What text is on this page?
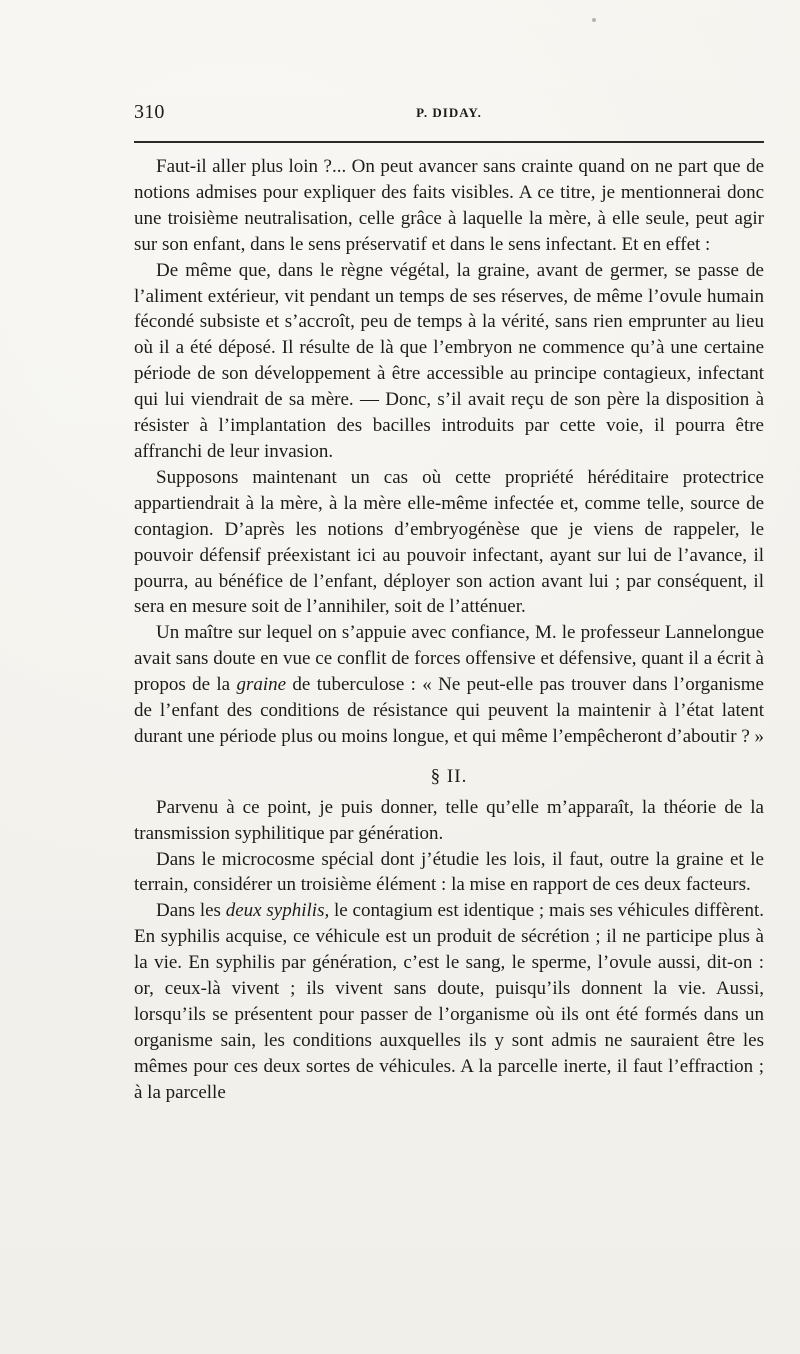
310	P. DIDAY.

Faut-il aller plus loin ?... On peut avancer sans crainte quand on ne part que de notions admises pour expliquer des faits visibles. A ce titre, je mentionnerai donc une troisième neutralisation, celle grâce à laquelle la mère, à elle seule, peut agir sur son enfant, dans le sens préservatif et dans le sens infectant. Et en effet :

De même que, dans le règne végétal, la graine, avant de germer, se passe de l’aliment extérieur, vit pendant un temps de ses réserves, de même l’ovule humain fécondé subsiste et s’accroît, peu de temps à la vérité, sans rien emprunter au lieu où il a été déposé. Il résulte de là que l’embryon ne commence qu’à une certaine période de son développement à être accessible au principe contagieux, infectant qui lui viendrait de sa mère. — Donc, s’il avait reçu de son père la disposition à résister à l’implantation des bacilles introduits par cette voie, il pourra être affranchi de leur invasion.

Supposons maintenant un cas où cette propriété héréditaire protectrice appartiendrait à la mère, à la mère elle-même infectée et, comme telle, source de contagion. D’après les notions d’embryogénèse que je viens de rappeler, le pouvoir défensif préexistant ici au pouvoir infectant, ayant sur lui de l’avance, il pourra, au bénéfice de l’enfant, déployer son action avant lui ; par conséquent, il sera en mesure soit de l’annihiler, soit de l’atténuer.

Un maître sur lequel on s’appuie avec confiance, M. le professeur Lannelongue avait sans doute en vue ce conflit de forces offensive et défensive, quant il a écrit à propos de la graine de tuberculose : « Ne peut-elle pas trouver dans l’organisme de l’enfant des conditions de résistance qui peuvent la maintenir à l’état latent durant une période plus ou moins longue, et qui même l’empêcheront d’aboutir ? »

§ II.

Parvenu à ce point, je puis donner, telle qu’elle m’apparaît, la théorie de la transmission syphilitique par génération.

Dans le microcosme spécial dont j’étudie les lois, il faut, outre la graine et le terrain, considérer un troisième élément : la mise en rapport de ces deux facteurs.

Dans les deux syphilis, le contagium est identique ; mais ses véhicules diffèrent. En syphilis acquise, ce véhicule est un produit de sécrétion ; il ne participe plus à la vie. En syphilis par génération, c’est le sang, le sperme, l’ovule aussi, dit-on : or, ceux-là vivent ; ils vivent sans doute, puisqu’ils donnent la vie. Aussi, lorsqu’ils se présentent pour passer de l’organisme où ils ont été formés dans un organisme sain, les conditions auxquelles ils y sont admis ne sauraient être les mêmes pour ces deux sortes de véhicules. A la parcelle inerte, il faut l’effraction ; à la parcelle
